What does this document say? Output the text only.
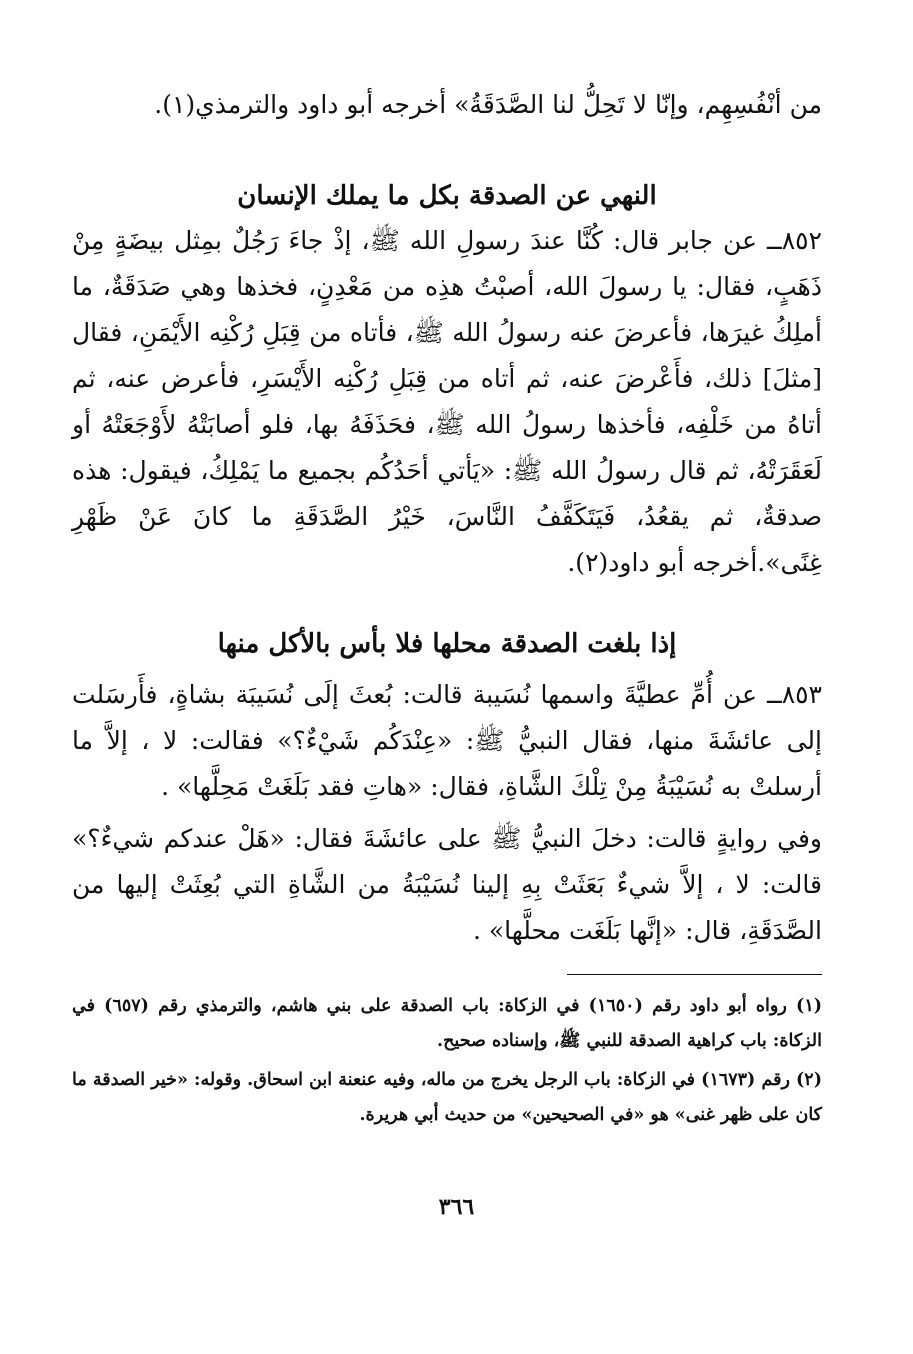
من أنْفُسِهِم، وإنّا لا تَحِلُّ لنا الصَّدَقَةُ» أخرجه أبو داود والترمذي(١).

النهي عن الصدقة بكل ما يملك الإنسان

٨٥٢ــ عن جابر قال: كُنَّا عندَ رسولِ الله ﷺ، إذْ جاءَ رَجُلٌ بمِثل بيضَةٍ مِنْ ذَهَبٍ، فقال: يا رسولَ الله، أصبْتُ هذِه من مَعْدِنٍ، فخذها وهي صَدَقَةٌ، ما أملِكُ غيرَها، فأعرضَ عنه رسولُ الله ﷺ، فأتاه من قِبَلِ رُكْنِه الأَيْمَنِ، فقال [مثلَ] ذلك، فأَعْرضَ عنه، ثم أتاه من قِبَلِ رُكْنِه الأَيْسَرِ، فأعرض عنه، ثم أتاهُ من خَلْفِه، فأخذها رسولُ الله ﷺ، فحَذَفَهُ بها، فلو أصابَتْهُ لأَوْجَعَتْهُ أو لَعَقَرَتْهُ، ثم قال رسولُ الله ﷺ: «يَأتي أحَدُكُم بجميع ما يَمْلِكُ، فيقول: هذه صدقةٌ، ثم يقعُدُ، فَيَتَكَفَّفُ النَّاسَ، خَيْرُ الصَّدَقَةِ ما كانَ عَنْ ظَهْرِ غِنًى».أخرجه أبو داود(٢).

إذا بلغت الصدقة محلها فلا بأس بالأكل منها

٨٥٣ــ عن أُمِّ عطيَّةَ واسمها نُسَيبة قالت: بُعثَ إلَى نُسَيبَة بشاةٍ، فأَرسَلت إلى عائشَةَ منها، فقال النبيُّ ﷺ: «عِنْدَكُم شَيْءٌ؟» فقالت: لا ، إلاَّ ما أرسلتْ به نُسَيْبَةُ مِنْ تِلْكَ الشَّاةِ، فقال: «هاتِ فقد بَلَغَتْ مَحِلَّها» .

وفي روايةٍ قالت: دخلَ النبيُّ ﷺ على عائشَةَ فقال: «هَلْ عندكم شيءٌ؟» قالت: لا ، إلاَّ شيءٌ بَعَثَتْ بِهِ إلينا نُسَيْبَةُ من الشَّاةِ التي بُعِثَتْ إليها من الصَّدَقَةِ، قال: «إنَّها بَلَغَت محلَّها» .

(١) رواه أبو داود رقم (١٦٥٠) في الزكاة: باب الصدقة على بني هاشم، والترمذي رقم (٦٥٧) في الزكاة: باب كراهية الصدقة للنبي ﷺ، وإسناده صحيح.

(٢) رقم (١٦٧٣) في الزكاة: باب الرجل يخرج من ماله، وفيه عنعنة ابن اسحاق. وقوله: «خير الصدقة ما كان على ظهر غنى» هو «في الصحيحين» من حديث أبي هريرة.

٣٦٦
